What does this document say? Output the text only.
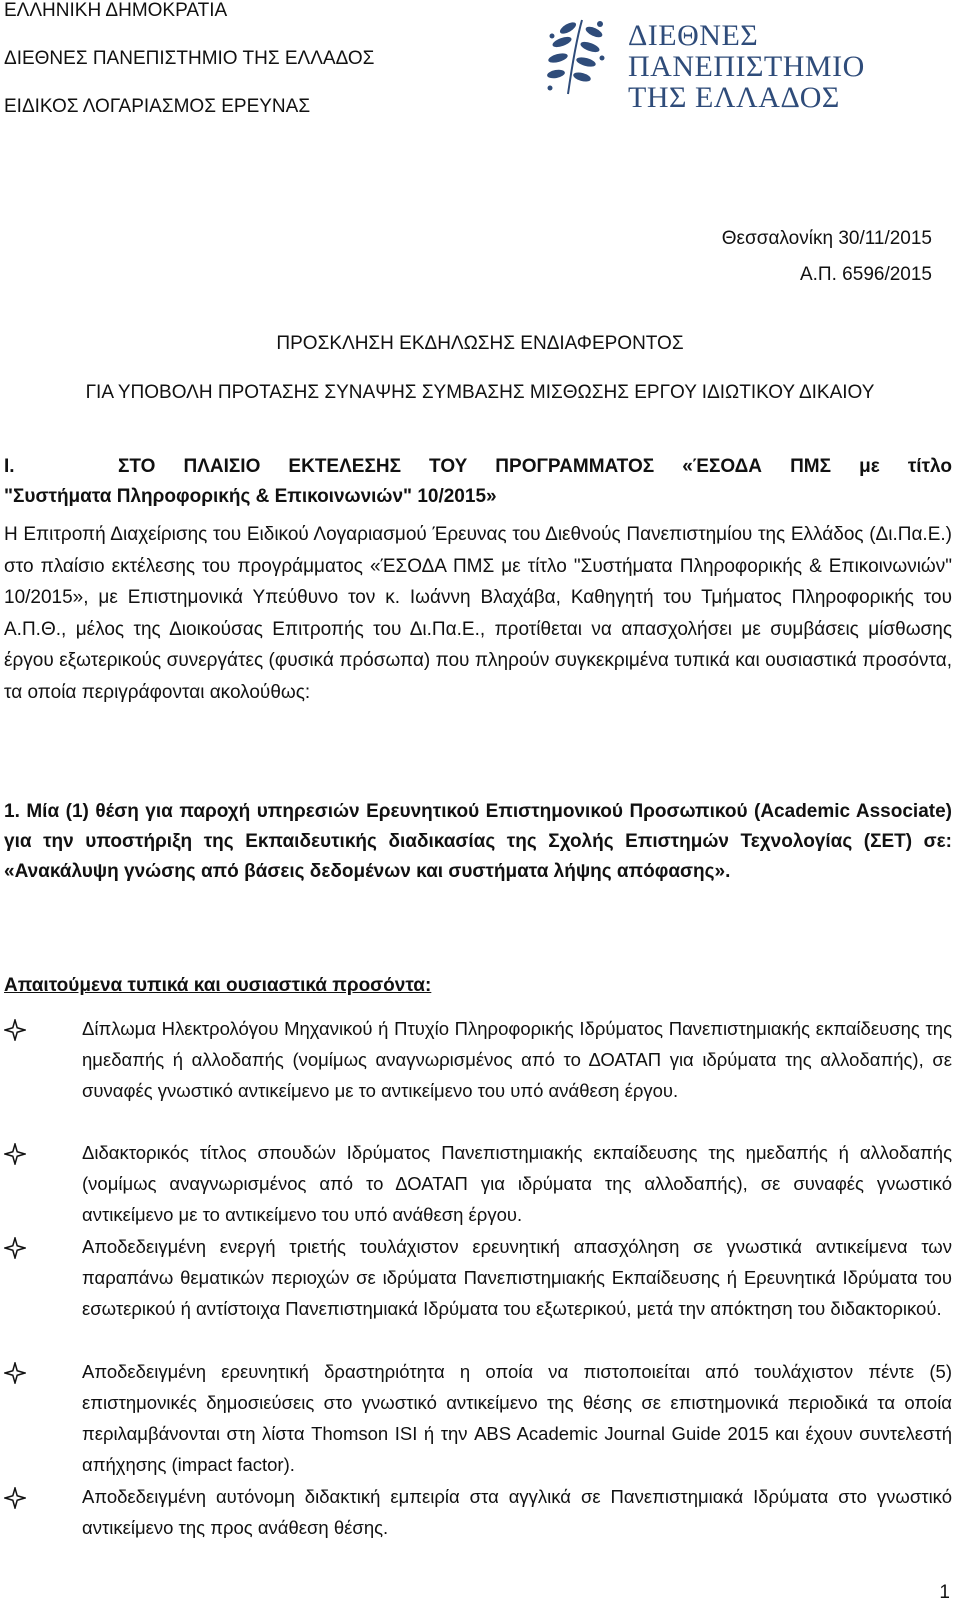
ΕΛΛΗΝΙΚΗ ΔΗΜΟΚΡΑΤΙΑ
ΔΙΕΘΝΕΣ ΠΑΝΕΠΙΣΤΗΜΙΟ ΤΗΣ ΕΛΛΑΔΟΣ
ΕΙΔΙΚΟΣ ΛΟΓΑΡΙΑΣΜΟΣ ΕΡΕΥΝΑΣ
ΔΙΕΘΝΕΣ
ΠΑΝΕΠΙΣΤΗΜΙΟ
ΤΗΣ ΕΛΛΑΔΟΣ
Θεσσαλονίκη 30/11/2015
Α.Π. 6596/2015
ΠΡΟΣΚΛΗΣΗ ΕΚΔΗΛΩΣΗΣ ΕΝΔΙΑΦΕΡΟΝΤΟΣ
ΓΙΑ ΥΠΟΒΟΛΗ ΠΡΟΤΑΣΗΣ ΣΥΝΑΨΗΣ ΣΥΜΒΑΣΗΣ ΜΙΣΘΩΣΗΣ ΕΡΓΟΥ ΙΔΙΩΤΙΚΟΥ ΔΙΚΑΙΟΥ
Ι.	ΣΤΟ ΠΛΑΙΣΙΟ ΕΚΤΕΛΕΣΗΣ ΤΟΥ ΠΡΟΓΡΑΜΜΑΤΟΣ «ΈΣΟΔΑ ΠΜΣ με τίτλο
"Συστήματα Πληροφορικής & Επικοινωνιών" 10/2015»
Η Επιτροπή Διαχείρισης του Ειδικού Λογαριασμού Έρευνας του Διεθνούς Πανεπιστημίου της Ελλάδος (Δι.Πα.Ε.) στο πλαίσιο εκτέλεσης του προγράμματος «ΈΣΟΔΑ ΠΜΣ με τίτλο "Συστήματα Πληροφορικής & Επικοινωνιών" 10/2015», με Επιστημονικά Υπεύθυνο τον κ. Ιωάννη Βλαχάβα, Καθηγητή του Τμήματος Πληροφορικής του Α.Π.Θ., μέλος της Διοικούσας Επιτροπής του Δι.Πα.Ε., προτίθεται να απασχολήσει με συμβάσεις μίσθωσης έργου εξωτερικούς συνεργάτες (φυσικά πρόσωπα) που πληρούν συγκεκριμένα τυπικά και ουσιαστικά προσόντα, τα οποία περιγράφονται ακολούθως:
1. Μία (1) θέση για παροχή υπηρεσιών Ερευνητικού Επιστημονικού Προσωπικού (Academic Associate) για την υποστήριξη της Εκπαιδευτικής διαδικασίας της Σχολής Επιστημών Τεχνολογίας (ΣΕΤ) σε: «Ανακάλυψη γνώσης από βάσεις δεδομένων και συστήματα λήψης απόφασης».
Απαιτούμενα τυπικά και ουσιαστικά προσόντα:
Δίπλωμα Ηλεκτρολόγου Μηχανικού ή Πτυχίο Πληροφορικής Ιδρύματος Πανεπιστημιακής εκπαίδευσης της ημεδαπής ή αλλοδαπής (νομίμως αναγνωρισμένος από το ΔΟΑΤΑΠ για ιδρύματα της αλλοδαπής), σε συναφές γνωστικό αντικείμενο με το αντικείμενο του υπό ανάθεση έργου.
Διδακτορικός τίτλος σπουδών Ιδρύματος Πανεπιστημιακής εκπαίδευσης της ημεδαπής ή αλλοδαπής (νομίμως αναγνωρισμένος από το ΔΟΑΤΑΠ για ιδρύματα της αλλοδαπής), σε συναφές γνωστικό αντικείμενο με το αντικείμενο του υπό ανάθεση έργου.
Αποδεδειγμένη ενεργή τριετής τουλάχιστον ερευνητική απασχόληση σε γνωστικά αντικείμενα των παραπάνω θεματικών περιοχών σε ιδρύματα Πανεπιστημιακής Εκπαίδευσης ή Ερευνητικά Ιδρύματα του εσωτερικού ή αντίστοιχα Πανεπιστημιακά Ιδρύματα του εξωτερικού, μετά την απόκτηση του διδακτορικού.
Αποδεδειγμένη ερευνητική δραστηριότητα η οποία να πιστοποιείται από τουλάχιστον πέντε (5) επιστημονικές δημοσιεύσεις στο γνωστικό αντικείμενο της θέσης σε επιστημονικά περιοδικά τα οποία περιλαμβάνονται στη λίστα Thomson ISI ή την ABS Academic Journal Guide 2015 και έχουν συντελεστή απήχησης (impact factor).
Αποδεδειγμένη αυτόνομη διδακτική εμπειρία στα αγγλικά σε Πανεπιστημιακά Ιδρύματα στο γνωστικό αντικείμενο της προς ανάθεση θέσης.
1
